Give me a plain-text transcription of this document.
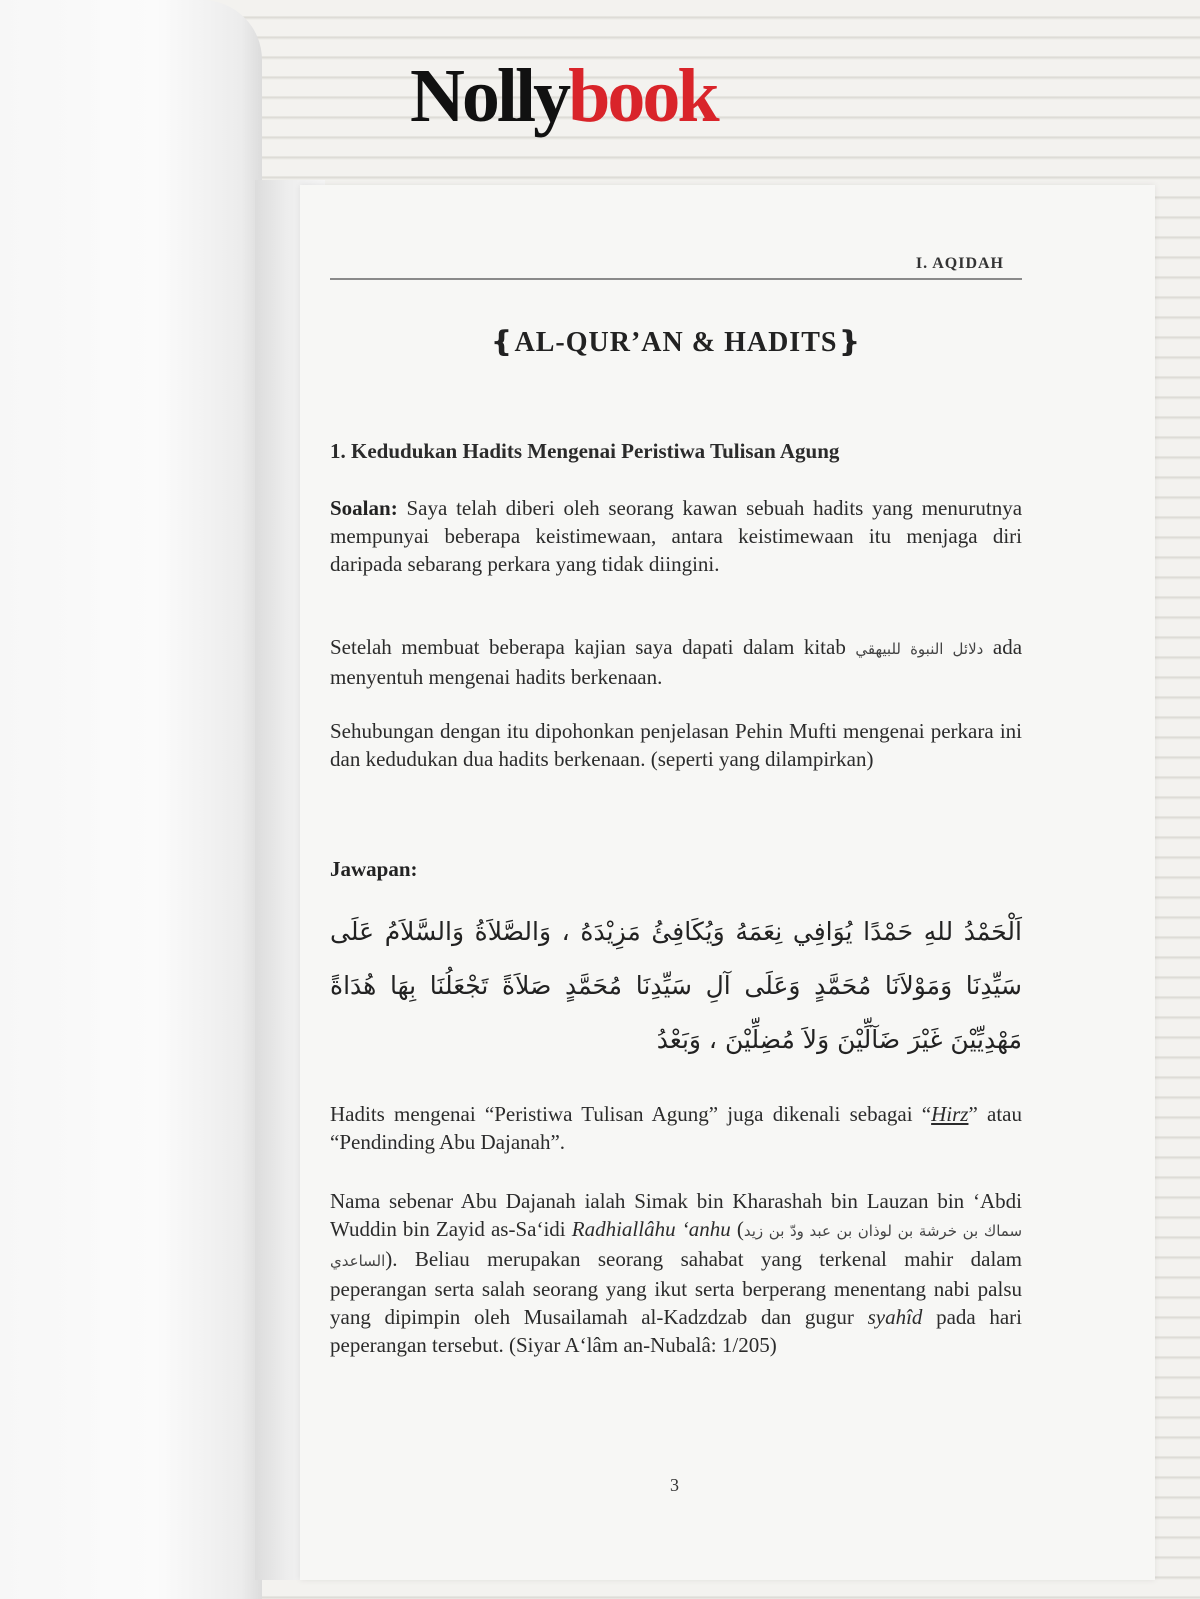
Nollybook
I. AQIDAH
❴AL-QUR’AN & HADITS❵
1. Kedudukan Hadits Mengenai Peristiwa Tulisan Agung
Soalan: Saya telah diberi oleh seorang kawan sebuah hadits yang menurutnya mempunyai beberapa keistimewaan, antara keistimewaan itu menjaga diri daripada sebarang perkara yang tidak diingini.
Setelah membuat beberapa kajian saya dapati dalam kitab دلائل النبوة للبيهقي ada menyentuh mengenai hadits berkenaan.
Sehubungan dengan itu dipohonkan penjelasan Pehin Mufti mengenai perkara ini dan kedudukan dua hadits berkenaan. (seperti yang dilampirkan)
Jawapan:
اَلْحَمْدُ للهِ حَمْدًا يُوَافِي نِعَمَهُ وَيُكَافِئُ مَزِيْدَهُ ، وَالصَّلاَةُ وَالسَّلاَمُ عَلَى سَيِّدِنَا وَمَوْلاَنَا مُحَمَّدٍ وَعَلَى آلِ سَيِّدِنَا مُحَمَّدٍ صَلاَةً تَجْعَلُنَا بِهَا هُدَاةً مَهْدِيِّيْنَ غَيْرَ ضَآلِّيْنَ وَلاَ مُضِلِّيْنَ ، وَبَعْدُ
Hadits mengenai “Peristiwa Tulisan Agung” juga dikenali sebagai “Hirz” atau “Pendinding Abu Dajanah”.
Nama sebenar Abu Dajanah ialah Simak bin Kharashah bin Lauzan bin ‘Abdi Wuddin bin Zayid as-Sa‘idi Radhiallâhu ‘anhu (سماك بن خرشة بن لوذان بن عبد ودّ بن زيد الساعدي). Beliau merupakan seorang sahabat yang terkenal mahir dalam peperangan serta salah seorang yang ikut serta berperang menentang nabi palsu yang dipimpin oleh Musailamah al-Kadzdzab dan gugur syahîd pada hari peperangan tersebut. (Siyar A‘lâm an-Nubalâ: 1/205)
3
